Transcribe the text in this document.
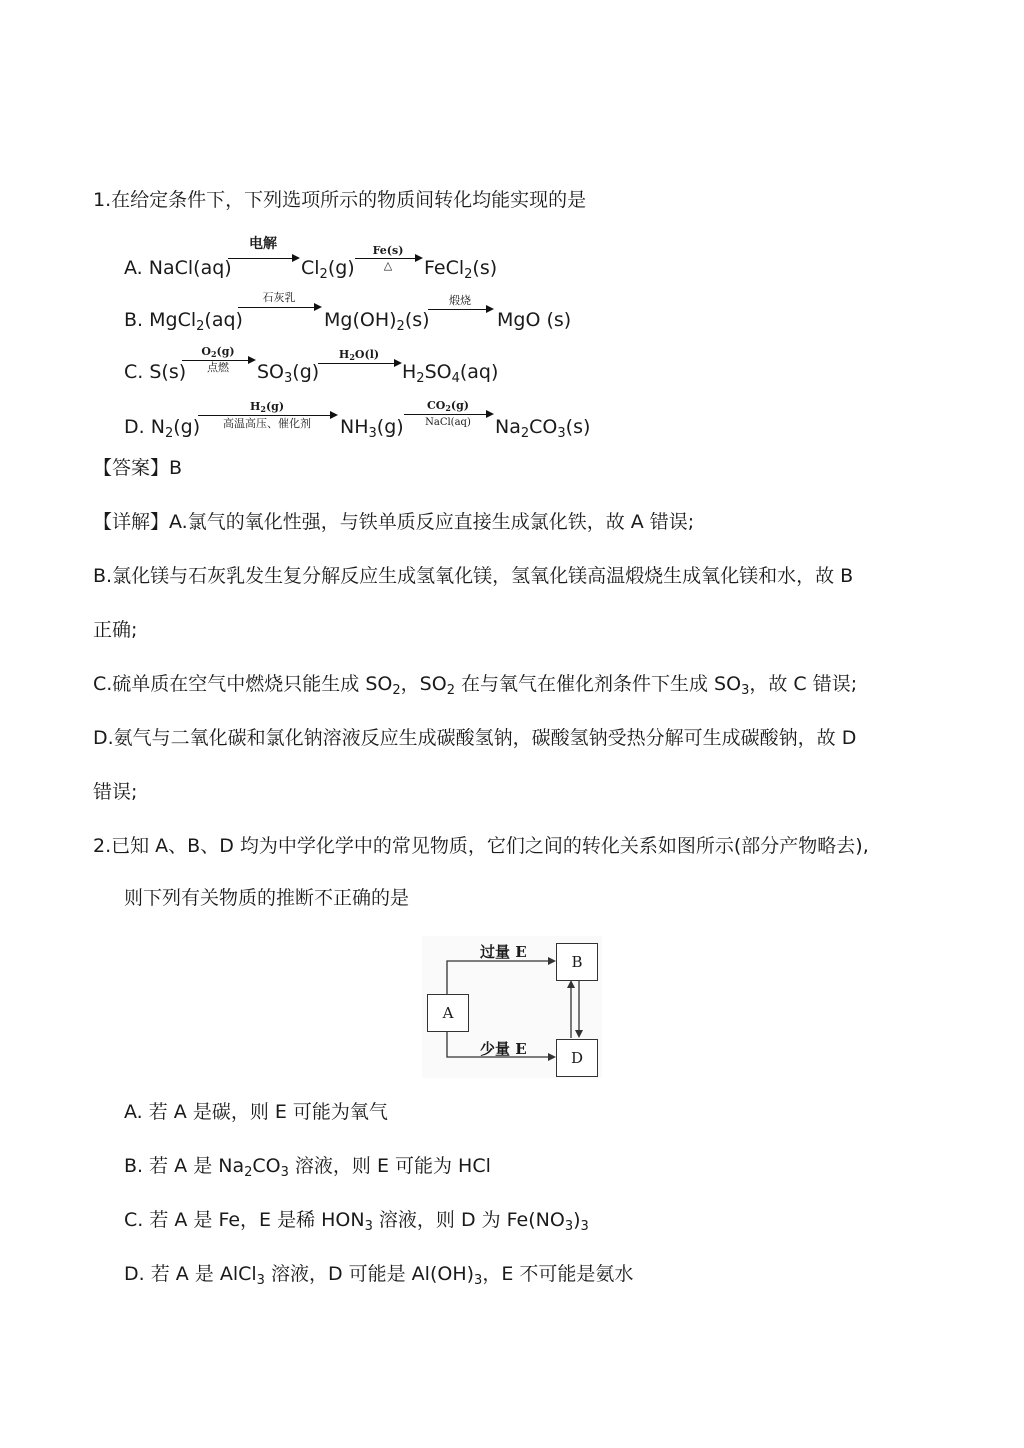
1.在给定条件下，下列选项所示的物质间转化均能实现的是
A. NaCl(aq)
电解
$Cl_2(g)$
Fe(s)
△	FeCl$_2$(s)
B. MgCl$_2$(aq)
石灰乳
$Mg(OH)_2(s)$
煅烧
MgO (s)
C. S(s)
O2(g)
点燃	$SO_3(g)$
H2O(l)
$H_2SO_4(aq)$
D. $N_2(g)$
H2(g)
高温高压、催化剂	$NH_3(g)$
CO2(g)
NaCl(aq)	$Na_2CO_3(s)$
【答案】B
【详解】A.氯气的氧化性强，与铁单质反应直接生成氯化铁，故 A 错误;
B.氯化镁与石灰乳发生复分解反应生成氢氧化镁，氢氧化镁高温煅烧生成氧化镁和水，故 B
正确;
C.硫单质在空气中燃烧只能生成 $SO_2$，$SO_2$ 在与氧气在催化剂条件下生成 $SO_3$，故 C 错误;
D.氨气与二氧化碳和氯化钠溶液反应生成碳酸氢钠，碳酸氢钠受热分解可生成碳酸钠，故 D
错误;
2.已知 A、B、D 均为中学化学中的常见物质，它们之间的转化关系如图所示(部分产物略去),
则下列有关物质的推断不正确的是
A
B
D
过量 E
少量 E
A. 若 A 是碳，则 E 可能为氧气
B. 若 A 是 $Na_2CO_3$ 溶液，则 E 可能为 HCl
C. 若 A 是 Fe，E 是稀 $HON_3$ 溶液，则 D 为 $Fe(NO_3)_3$
D. 若 A 是 AlCl$_3$ 溶液，D 可能是 $Al(OH)_3$，E 不可能是氨水
